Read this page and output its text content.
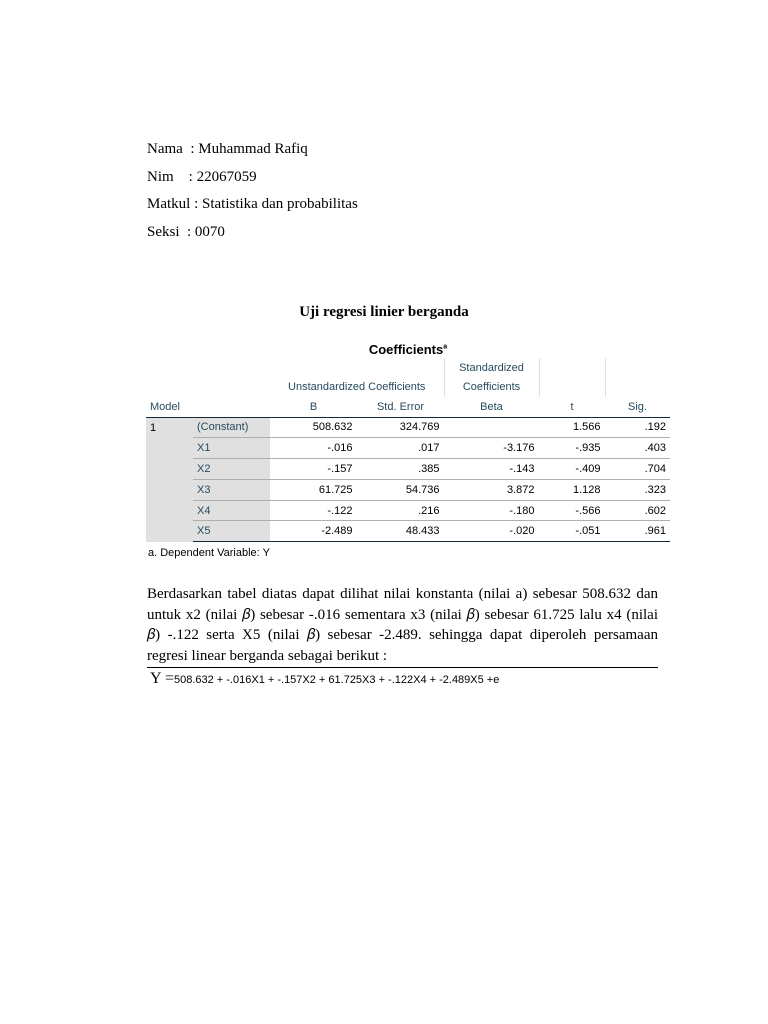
Nama  : Muhammad Rafiq
Nim    : 22067059
Matkul : Statistika dan probabilitas
Seksi  : 0070
Uji regresi linier berganda
Coefficients$^a$
				Standardized		
		Unstandardized Coefficients		Coefficients		
Model		B	Std. Error	Beta	t	Sig.
1	(Constant)	508.632	324.769		1.566	.192
	X1	-.016	.017	-3.176	-.935	.403
	X2	-.157	.385	-.143	-.409	.704
	X3	61.725	54.736	3.872	1.128	.323
	X4	-.122	.216	-.180	-.566	.602
	X5	-2.489	48.433	-.020	-.051	.961
a. Dependent Variable: Y
Berdasarkan tabel diatas dapat dilihat nilai konstanta (nilai a) sebesar 508.632 dan untuk x2 (nilai 𝛽) sebesar -.016 sementara x3 (nilai 𝛽) sebesar 61.725 lalu x4 (nilai 𝛽) -.122 serta X5 (nilai 𝛽) sebesar -2.489. sehingga dapat diperoleh persamaan regresi linear berganda sebagai berikut :
Y =508.632 + -.016X1 + -.157X2 + 61.725X3 + -.122X4 + -2.489X5 +e
